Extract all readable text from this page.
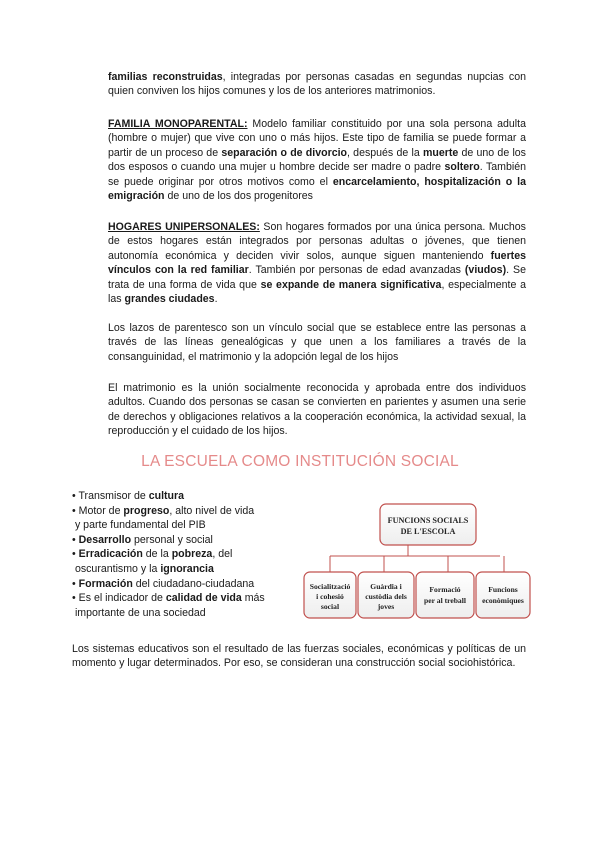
familias reconstruidas, integradas por personas casadas en segundas nupcias con quien conviven los hijos comunes y los de los anteriores matrimonios.

FAMILIA MONOPARENTAL: Modelo familiar constituido por una sola persona adulta (hombre o mujer) que vive con uno o más hijos. Este tipo de familia se puede formar a partir de un proceso de separación o de divorcio, después de la muerte de uno de los dos esposos o cuando una mujer u hombre decide ser madre o padre soltero. También se puede originar por otros motivos como el encarcelamiento, hospitalización o la emigración de uno de los dos progenitores

HOGARES UNIPERSONALES: Son hogares formados por una única persona. Muchos de estos hogares están integrados por personas adultas o jóvenes, que tienen autonomía económica y deciden vivir solos, aunque siguen manteniendo fuertes vínculos con la red familiar. También por personas de edad avanzadas (viudos). Se trata de una forma de vida que se expande de manera significativa, especialmente a las grandes ciudades.

Los lazos de parentesco son un vínculo social que se establece entre las personas a través de las líneas genealógicas y que unen a los familiares a través de la consanguinidad, el matrimonio y la adopción legal de los hijos

El matrimonio es la unión socialmente reconocida y aprobada entre dos individuos adultos. Cuando dos personas se casan se convierten en parientes y asumen una serie de derechos y obligaciones relativos a la cooperación económica, la actividad sexual, la reproducción y el cuidado de los hijos.

LA ESCUELA COMO INSTITUCIÓN SOCIAL
• Transmisor de cultura
• Motor de progreso, alto nivel de vida
y parte fundamental del PIB
• Desarrollo personal y social
• Erradicación de la pobreza, del
oscurantismo y la ignorancia
• Formación del ciudadano-ciudadana
• Es el indicador de calidad de vida más
importante de una sociedad
FUNCIONS SOCIALS
DE L'ESCOLA
Socialització
i cohesió
social
Guàrdia i
custòdia dels
joves
Formació
per al treball
Funcions
econòmiques

Los sistemas educativos son el resultado de las fuerzas sociales, económicas y políticas de un momento y lugar determinados. Por eso, se consideran una construcción social sociohistórica.
